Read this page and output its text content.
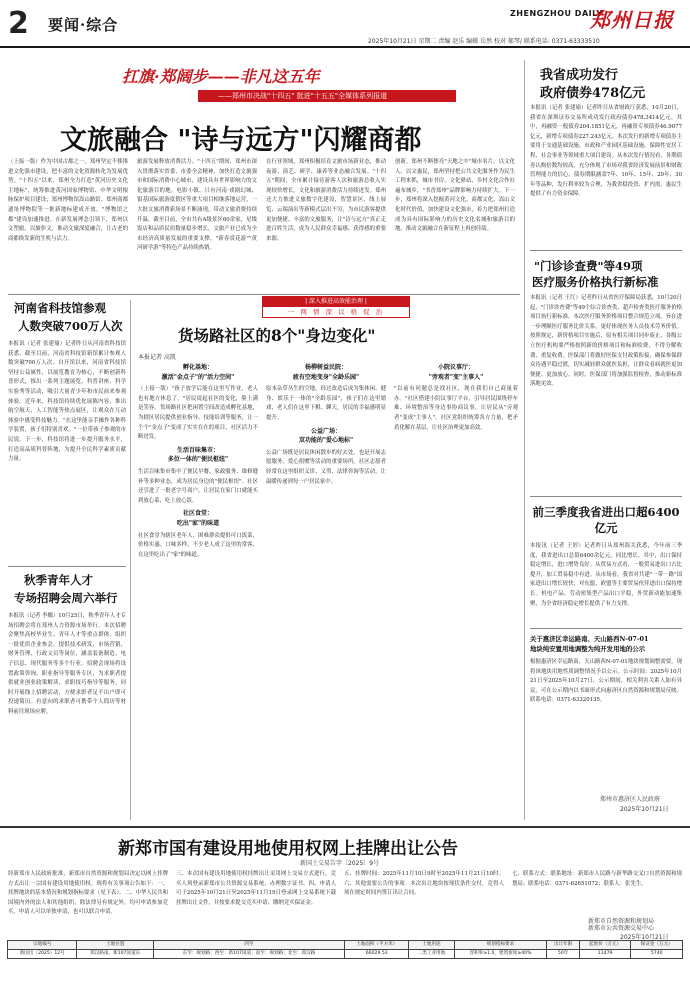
2 要闻·综合
ZHENGZHOU DAILY
郑州日报
2025年10月21日 星期二 责编 赵乐 编辑 岳然 校对 郝琴/ 联系电话: 0371-63333510
扛旗·郑阔步——非凡这五年
——郑州市决战"十四五" 挺进"十五五"全媒体系列报道
文旅融合 "诗与远方"闪耀商都
（上接一版）作为中国古都之一，郑州坚定不移推进文化强市建设，把丰富的文化资源转化为发展优势。"十四五"以来，郑州全力打造"黄河历史文化主地标"，统筹推进黄河国家博物馆、中华文明根脉保护项目建设；郑州博物馆嵩山路馆、郑州商都遗址博物院等一批新地标建成开放，"博物馆之都"建设加速推进。在新发展理念引领下，郑州以文塑旅、以旅彰文，推动文旅深度融合，让古老的商都焕发新的生机与活力。
旅游发展释放消费活力。"十四五"期间，郑州市深入贯彻落实省委、市委全会精神，加快打造文旅强市和国际消费中心城市，建设具有世界影响力的文化旅游目的地。电影小镇、只有河南·戏剧幻城、银基国际旅游度假区等重大项目相继落地运营，一大批文旅消费新场景不断涌现，带动文旅消费持续升温。截至目前，全市共有A级景区60余家，星级饭店和品质民宿数量稳步增长，文旅产业已成为全市经济高质量发展的重要支撑。"新春赏花游""黄河研学游"等特色产品持续热销。
在行业领域，郑州积极培育文旅市场新业态，推动夜游、演艺、研学、康养等业态融合发展。"十四五"期间，全市累计接待游客人次和旅游总收入实现较快增长，文化和旅游消费活力持续迸发。郑州还大力推进文旅数字化建设，智慧景区、线上展览、云端演出等新模式层出不穷，为市民游客提供更加便捷、丰富的文旅服务，让"诗与远方"真正走进百姓生活，成为人民群众幸福感、获得感的重要来源。
创新，郑州不断擦亮"天地之中"城市名片。以文化人、以文惠民，郑州坚持把公共文化服务作为民生工程来抓，城市书房、文化驿站、乡村文化合作社遍布城乡，"书香郑州"品牌影响力持续扩大。下一步，郑州将深入挖掘黄河文化、商都文化、嵩山文化时代价值，加快建设文化强市，着力把郑州打造成为具有国际影响力的历史文化名城和旅游目的地，推动文旅融合在新征程上再创佳绩。
我省成功发行
政府债券478亿元
本报讯（记者 张建瑜）记者昨日从省财政厅获悉，10月20日，我省在深圳证券交易所成功发行政府债券478.3414亿元。其中，再融资一般债券204.1851亿元，再融资专项债券46.9077亿元，新增专项债券227.243亿元。本次发行的新增专项债券主要用于交通基础设施、市政和产业园区基础设施、保障性安居工程、社会事业等领域重大项目建设。从本次发行情况看，各期债券认购倍数均较高，充分体现了市场对我省经济发展前景和财政管理能力的信心。债券期限涵盖7年、10年、15年、20年、30年等品种，发行利率较为合理，为我省稳投资、扩内需、惠民生提供了有力资金保障。
"门诊诊查费"等49项
医疗服务价格执行新标准
本报讯（记者 王红）记者昨日从省医疗保障局获悉，10月20日起，"门诊诊查费"等49个综合诊查类、超声检查类医疗服务价格项目执行新标准。本次医疗服务价格项目整合规范立项，旨在进一步理顺医疗服务比价关系，更好体现医务人员技术劳务价值。按照规定，新价格项目实施后，原有相关项目同步废止，各级公立医疗机构要严格按照新的价格项目和标准收费，不得分解收费、重复收费。医保部门将做好医保支付政策衔接，确保参保群众待遇平稳过渡，切实减轻群众就医负担，让群众看病就医更加便捷、更加放心。同时，医保部门将加强监督检查，推动新标准落地见效。
前三季度我省进出口超6400亿元
本报讯（记者 王婷）记者昨日从郑州海关获悉，今年前三季度，我省进出口总值6400余亿元，同比增长。其中，出口保持稳定增长，进口增势良好。从贸易方式看，一般贸易进出口占比提升，加工贸易稳中有进。从市场看，我省对共建"一带一路"国家进出口增长较快，对东盟、欧盟等主要贸易伙伴进出口保持增长。机电产品、劳动密集型产品出口平稳，外贸新动能加速集聚，为全省经济稳定增长提供了有力支撑。
关于惠济区幸运路南、天山路西N-07-01
地块纯安置用地调整为纯开发用地的公示
根据惠济区幸运路南、天山路西N-07-01地块规划调整需要，现将该地块用地性质调整情况予以公示。公示时间：2025年10月21日至2025年10月27日。公示期间，相关利害关系人如有异议，可在公示期内以书面形式向惠济区自然资源和规划局反映。联系电话：0371-63320135。
郑州市惠济区人民政府
2025年10月21日
河南省科技馆参观
人数突破700万人次
本报讯（记者 张建瑜）记者昨日从河南省科技馆获悉，截至目前，河南省科技馆新馆累计参观人数突破700万人次。自开馆以来，河南省科技馆坚持公益属性，以展览教育为核心，不断创新科普形式，推出一系列主题展览、科普讲座、科学实验秀等活动，吸引大量青少年和市民前来参观体验。近年来，科技馆持续优化展陈内容，推出航空航天、人工智能等热点展区，让观众在互动体验中感受科技魅力。"在这里能亲手操作各种科学装置，孩子们特别喜欢。"一位带孩子参观的市民说。下一步，科技馆将进一步提升服务水平，打造高品质科普阵地，为提升全民科学素质贡献力量。
秋季青年人才
专场招聘会周六举行
本报讯（记者 李娜）10月25日，秋季青年人才专场招聘会将在郑州人力资源市场举行。本次招聘会聚焦高校毕业生、青年人才等重点群体，组织一批优质企业参会，提供技术研发、市场营销、财务管理、行政文员等岗位，涵盖装备制造、电子信息、现代服务等多个行业。招聘会现场将设置政策咨询、职业指导等服务专区，为求职者提供就业创业政策解读、求职技巧指导等服务。同时开展线上招聘活动，方便求职者足不出户即可投递简历。有意向的求职者可携带个人简历等材料前往现场应聘。
| 深入推进高效能治理 |
一 网 情 深 以 格 促 治
货场路社区的8个"身边变化"
本报记者 高凯
孵化基地：
激活"金点子"的"活力空间"
（上接一版）"孩子放学后能在这里写作业，老人也有地方休息了。"居民说起社区的变化，脸上满是笑容。货场路社区把闲置空间改造成孵化基地，为辖区居民提供创业指导、技能培训等服务，让一个个"金点子"变成了实实在在的项目，社区活力不断迸发。
生活百味集市：
多位一体的"便民枢纽"
生活百味集市集中了便民早餐、家政服务、维修缝补等多种业态，成为居民身边的"便民枢纽"。社区还引进了一批老字号商户，让居民在家门口就能买到放心菜、吃上放心饭。
社区食堂：
吃出"家"的味道
社区食堂为辖区老年人、困难群众提供可口饭菜，价格实惠、口味多样，不少老人成了这里的常客，在这里吃出了"家"的味道。
杨柳树益民院：
疲有空地变身"全龄乐园"
原本杂草丛生的空地，经过改造后成为集休闲、健身、娱乐于一体的"全龄乐园"，孩子们在这里嬉戏，老人们在这里下棋、聊天，居民的幸福感明显提升。
公益广场：
双功能的"爱心地标"
公益广场既是居民休闲散步的好去处，也是开展志愿服务、爱心捐赠等活动的重要场所。社区志愿者经常在这里组织义诊、义剪、法律咨询等活动，让温暖传递到每一户居民家中。
小院议事厅：
"旁观者"变"主事人"
"以前有问题总是找社区，现在我们自己商量着办。"社区搭建小院议事厅平台，引导居民围绕停车难、环境整治等身边事协商议事，让居民从"旁观者"变成"主事人"。社区党组织统筹各方力量，把矛盾化解在基层，让社区治理更加高效。
新郑市国有建设用地使用权网上挂牌出让公告
新国土交易告字〔2025〕9号
经新郑市人民政府批准，新郑市自然资源和规划局决定以网上挂牌方式出让一宗国有建设用地使用权。现将有关事项公告如下：一、挂牌地块的基本情况和规划指标要求（见下表）。二、中华人民共和国境内外的法人和其他组织，除法律另有规定外，均可申请参加竞买，申请人可以单独申请，也可以联合申请。
三、本次国有建设用地使用权挂牌出让采用网上交易方式进行，竞买人须登录新郑市公共资源交易系统，办理数字证书。四、申请人可于2025年10月21日至2025年11月19日登录网上交易系统下载挂牌出让文件，并按要求提交竞买申请、缴纳竞买保证金。
五、挂牌时间：2025年11月10日9时至2025年11月21日10时。六、其他需要公告的事项：本次出让地块按现状条件交付，竞得人须在规定时间内签订出让合同。
七、联系方式：联系地址：新郑市人民路与新华路交叉口自然资源和规划局；联系电话：0371-62651072；联系人：张先生。
新郑市自然资源和规划局
新郑市公共资源交易中心
2025年10月21日
宗地编号	土地位置	四至	土地面积（平方米）	土地用途	规划指标要求	出让年限	起始价（万元）	保证金（万元）
新国出（2025）12号	郑汉路南、新107国道东	东至：规划路；西至：新107国道；南至：规划路；北至：郑汉路	66029.53	二类工业用地	容积率≥1.0，建筑密度≥40%	50年	11479	5740
